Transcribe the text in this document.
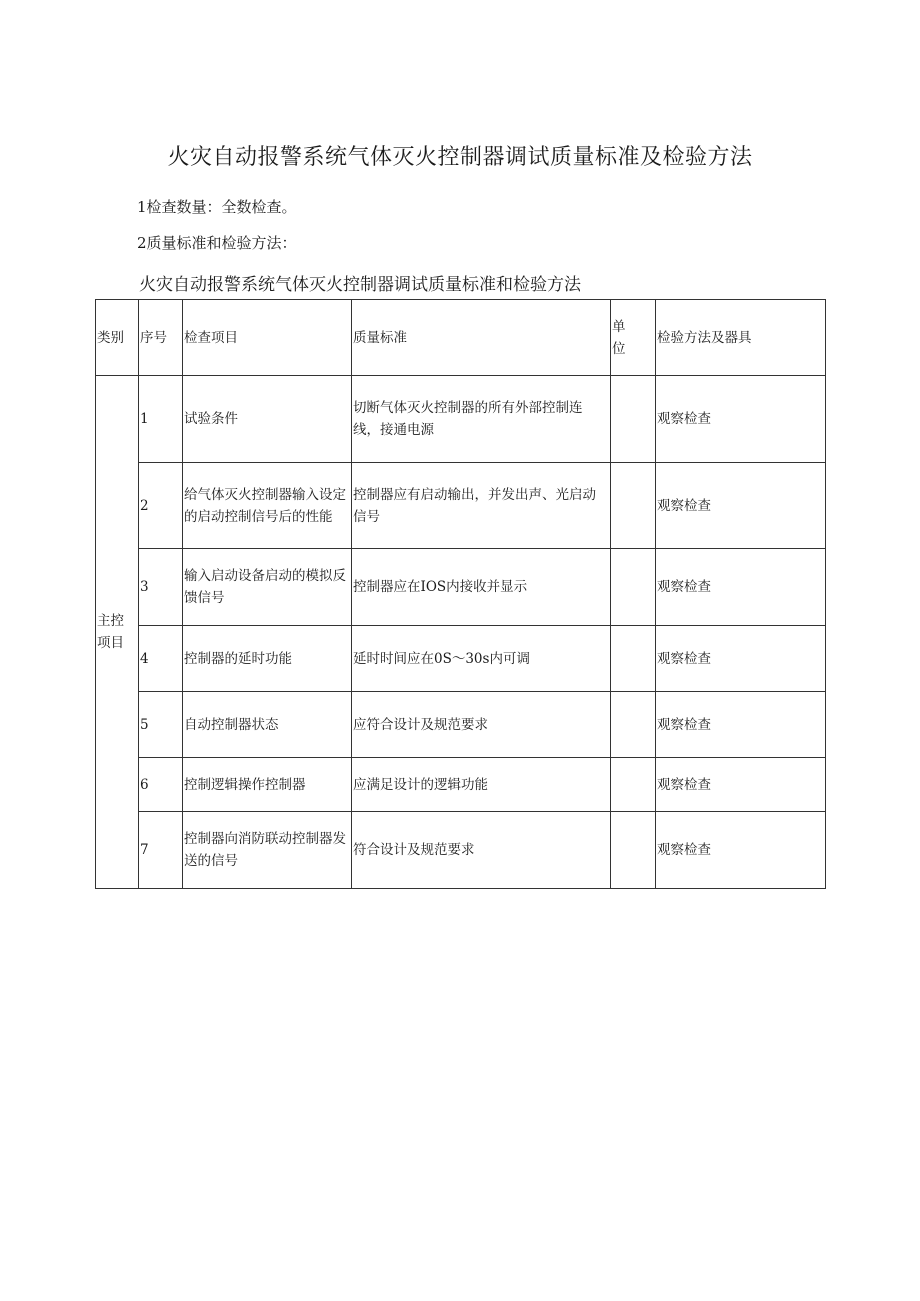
火灾自动报警系统气体灭火控制器调试质量标准及检验方法

1检查数量：全数检查。

2质量标准和检验方法：

火灾自动报警系统气体灭火控制器调试质量标准和检验方法

类别	序号	检查项目	质量标准	单位	检验方法及器具
主控项目	1	试验条件	切断气体灭火控制器的所有外部控制连线，接通电源		观察检查
	2	给气体灭火控制器输入设定的启动控制信号后的性能	控制器应有启动输出，并发出声、光启动信号		观察检查
	3	输入启动设备启动的模拟反馈信号	控制器应在IOS内接收并显示		观察检查
	4	控制器的延时功能	延时时间应在0S～30s内可调		观察检查
	5	自动控制器状态	应符合设计及规范要求		观察检查
	6	控制逻辑操作控制器	应满足设计的逻辑功能		观察检查
	7	控制器向消防联动控制器发送的信号	符合设计及规范要求		观察检查
